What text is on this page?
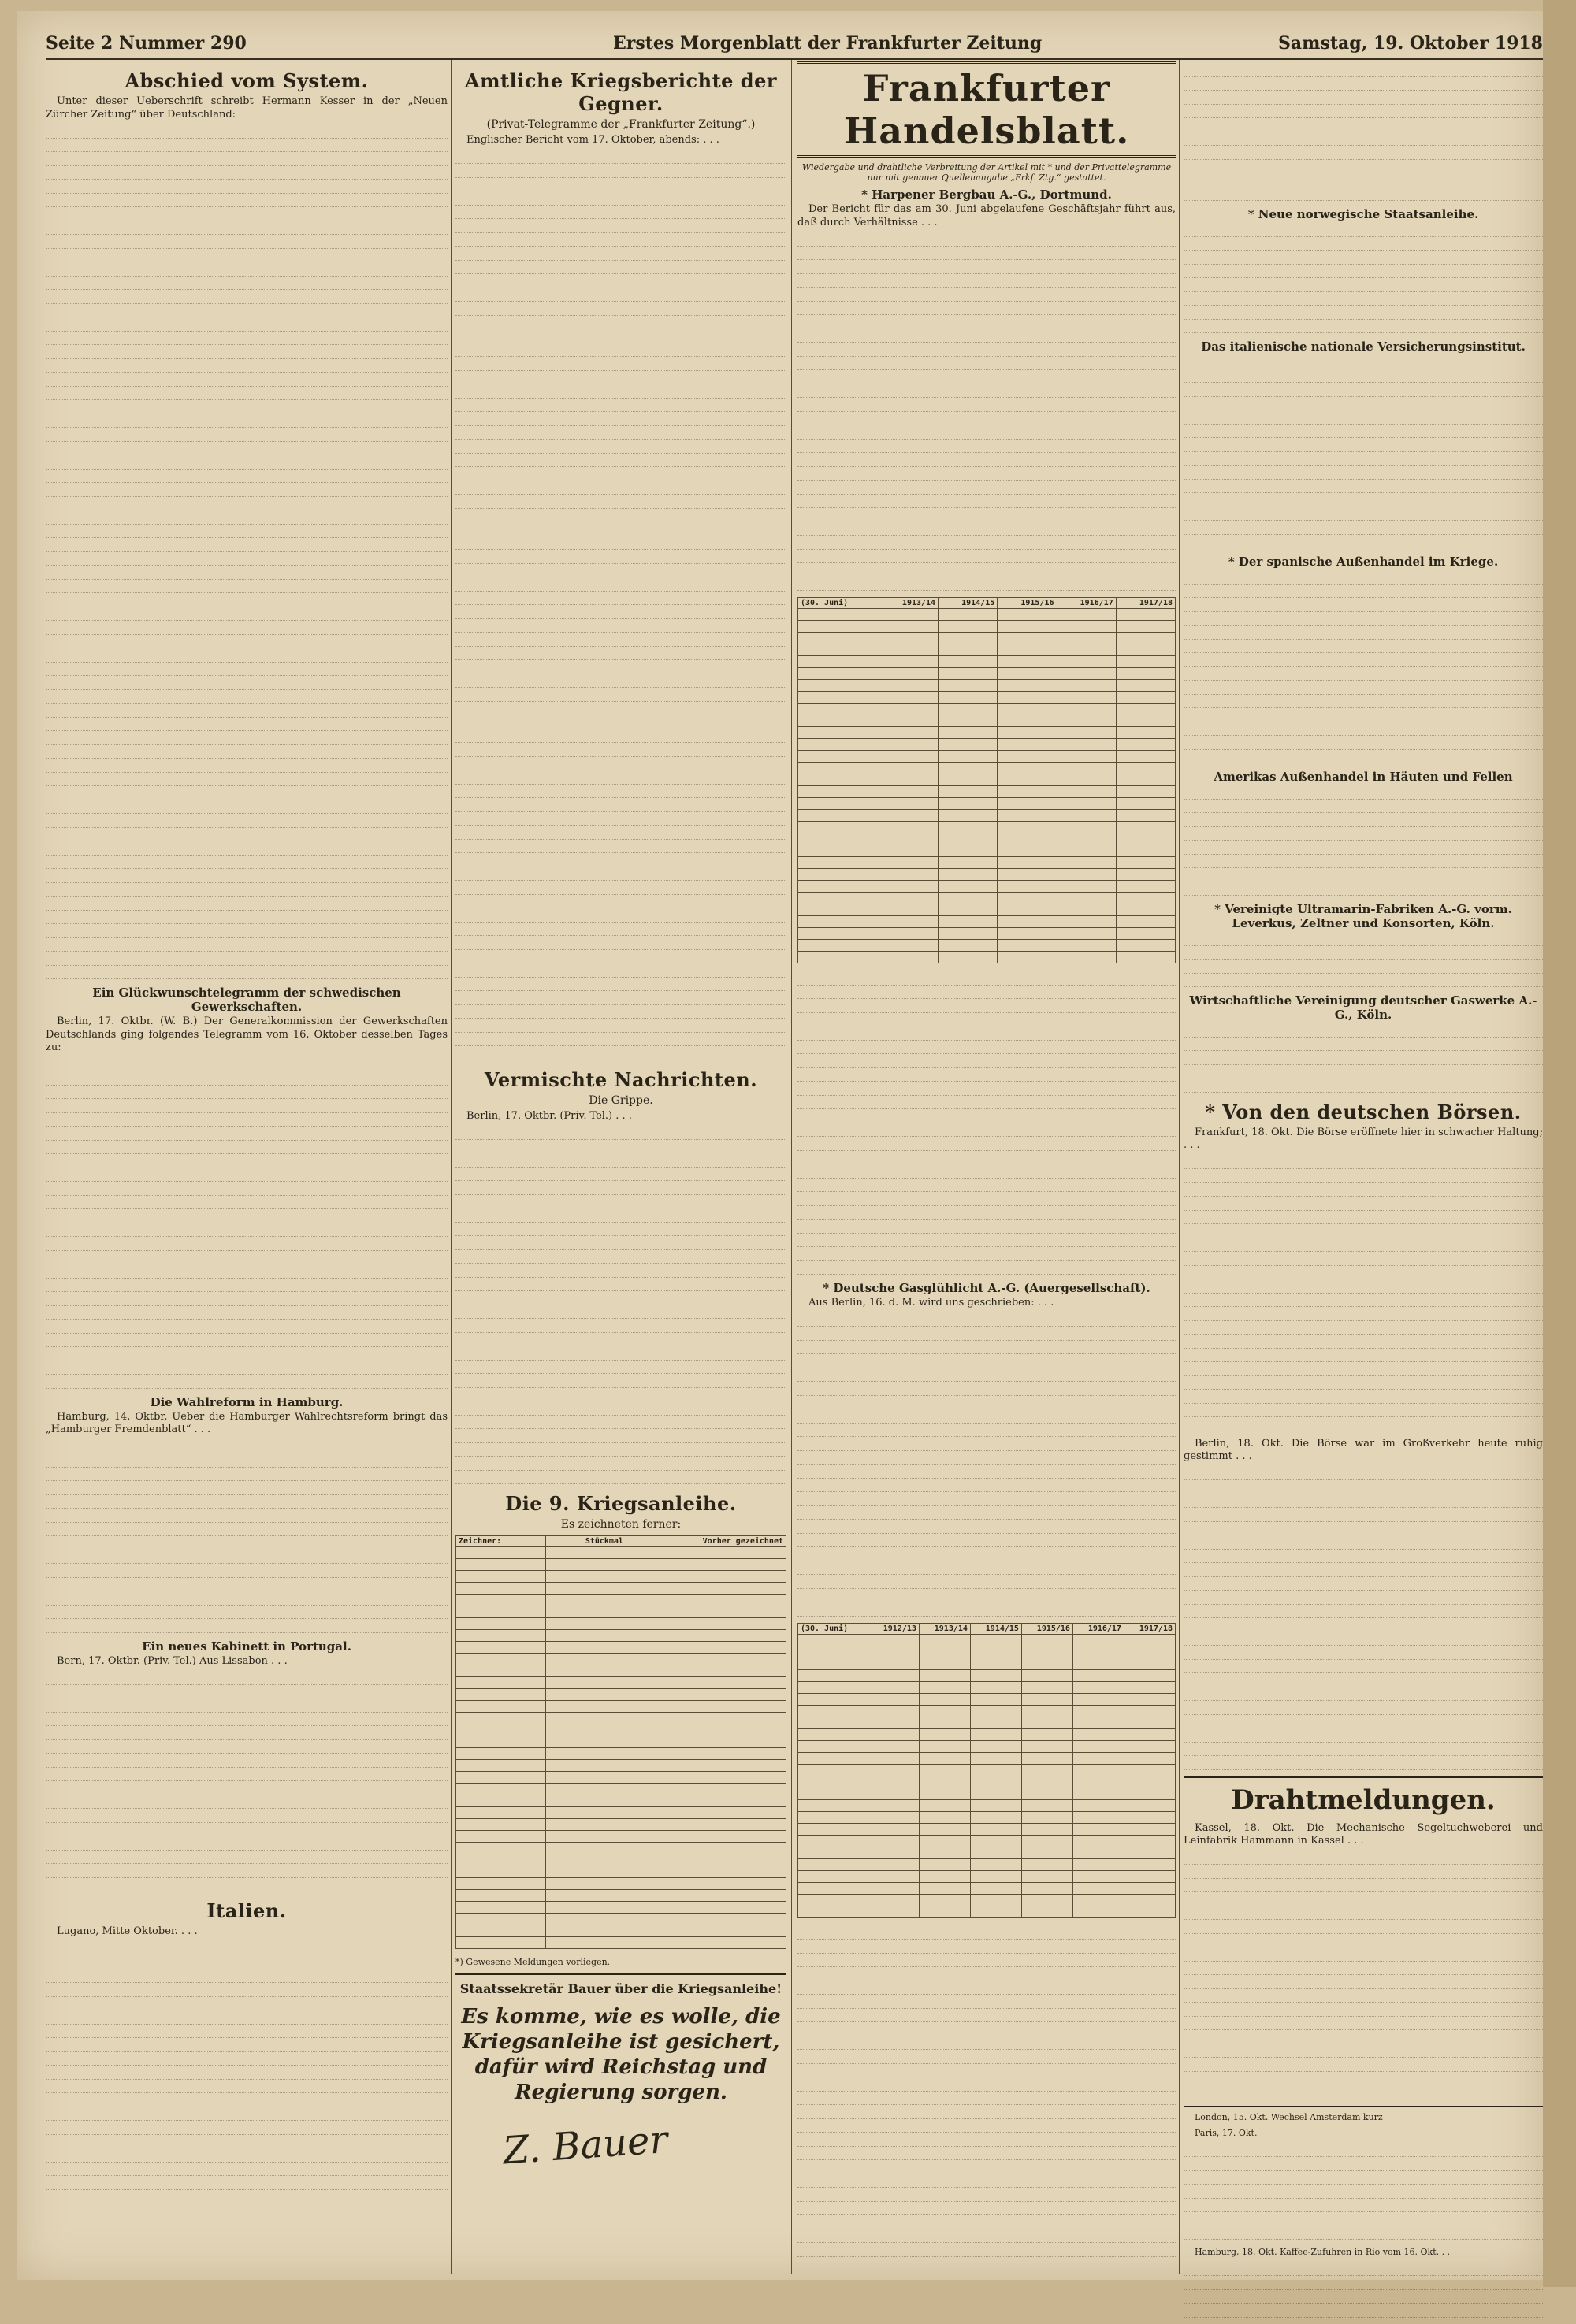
Seite 2 Nummer 290	Erstes Morgenblatt der Frankfurter Zeitung	Samstag, 19. Oktober 1918
Abschied vom System.

Unter dieser Ueberschrift schreibt Hermann Kesser in der „Neuen Zürcher Zeitung“ über Deutschland:

Ein Glückwunschtelegramm der schwedischen Gewerkschaften.

Berlin, 17. Oktbr. (W. B.) Der Generalkommission der Gewerkschaften Deutschlands ging folgendes Telegramm vom 16. Oktober desselben Tages zu:

Die Wahlreform in Hamburg.

Hamburg, 14. Oktbr. Ueber die Hamburger Wahlrechtsreform bringt das „Hamburger Fremdenblatt“ . . .

Ein neues Kabinett in Portugal.

Bern, 17. Oktbr. (Priv.-Tel.) Aus Lissabon . . .

Italien.

Lugano, Mitte Oktober. . . .

Amtliche Kriegsberichte der Gegner.
(Privat-Telegramme der „Frankfurter Zeitung“.)

Englischer Bericht vom 17. Oktober, abends: . . .

Vermischte Nachrichten.
Die Grippe.

Berlin, 17. Oktbr. (Priv.-Tel.) . . .

Die 9. Kriegsanleihe.
Es zeichneten ferner:
Zeichner:	Stückmal	Vorher gezeichnet

*) Gewesene Meldungen vorliegen.
Staatssekretär Bauer über die Kriegsanleihe!
Es komme, wie es wolle, die Kriegsanleihe ist gesichert, dafür wird Reichstag und Regierung sorgen.
Z. Bauer
Frankfurter Handelsblatt.
Wiedergabe und drahtliche Verbreitung der Artikel mit * und der Privattelegramme nur mit genauer Quellenangabe „Frkf. Ztg.“ gestattet.
* Harpener Bergbau A.-G., Dortmund.

Der Bericht für das am 30. Juni abgelaufene Geschäftsjahr führt aus, daß durch Verhältnisse . . .

(30. Juni)	1913/14	1914/15	1915/16	1916/17	1917/18

* Deutsche Gasglühlicht A.-G. (Auergesellschaft).

Aus Berlin, 16. d. M. wird uns geschrieben: . . .

(30. Juni)	1912/13	1913/14	1914/15	1915/16	1916/17	1917/18

* Neue norwegische Staatsanleihe.
Das italienische nationale Versicherungsinstitut.
* Der spanische Außenhandel im Kriege.
Amerikas Außenhandel in Häuten und Fellen
* Vereinigte Ultramarin-Fabriken A.-G. vorm. Leverkus, Zeltner und Konsorten, Köln.
Wirtschaftliche Vereinigung deutscher Gaswerke A.-G., Köln.
* Von den deutschen Börsen.

Frankfurt, 18. Okt. Die Börse eröffnete hier in schwacher Haltung; . . .

Berlin, 18. Okt. Die Börse war im Großverkehr heute ruhig gestimmt . . .

Drahtmeldungen.

Kassel, 18. Okt. Die Mechanische Segeltuchweberei und Leinfabrik Hammann in Kassel . . .

London, 15. Okt. Wechsel Amsterdam kurz

Paris, 17. Okt.

Hamburg, 18. Okt. Kaffee-Zufuhren in Rio vom 16. Okt. . .
